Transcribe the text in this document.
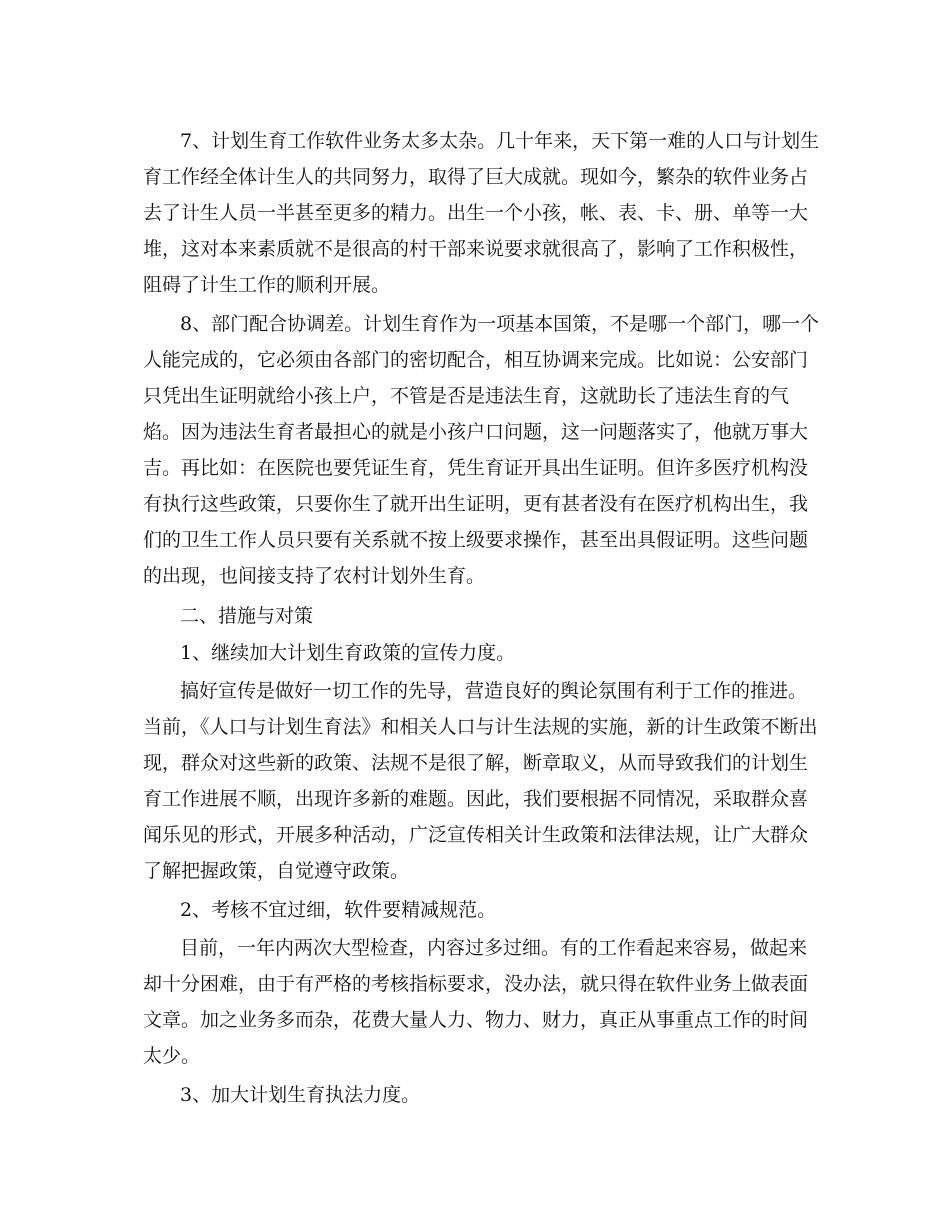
7、计划生育工作软件业务太多太杂。几十年来，天下第一难的人口与计划生
育工作经全体计生人的共同努力，取得了巨大成就。现如今，繁杂的软件业务占
去了计生人员一半甚至更多的精力。出生一个小孩，帐、表、卡、册、单等一大
堆，这对本来素质就不是很高的村干部来说要求就很高了，影响了工作积极性，
阻碍了计生工作的顺利开展。
8、部门配合协调差。计划生育作为一项基本国策，不是哪一个部门，哪一个
人能完成的，它必须由各部门的密切配合，相互协调来完成。比如说：公安部门
只凭出生证明就给小孩上户，不管是否是违法生育，这就助长了违法生育的气
焰。因为违法生育者最担心的就是小孩户口问题，这一问题落实了，他就万事大
吉。再比如：在医院也要凭证生育，凭生育证开具出生证明。但许多医疗机构没
有执行这些政策，只要你生了就开出生证明，更有甚者没有在医疗机构出生，我
们的卫生工作人员只要有关系就不按上级要求操作，甚至出具假证明。这些问题
的出现，也间接支持了农村计划外生育。
二、措施与对策
1、继续加大计划生育政策的宣传力度。
搞好宣传是做好一切工作的先导，营造良好的舆论氛围有利于工作的推进。
当前，《人口与计划生育法》和相关人口与计生法规的实施，新的计生政策不断出
现，群众对这些新的政策、法规不是很了解，断章取义，从而导致我们的计划生
育工作进展不顺，出现许多新的难题。因此，我们要根据不同情况，采取群众喜
闻乐见的形式，开展多种活动，广泛宣传相关计生政策和法律法规，让广大群众
了解把握政策，自觉遵守政策。
2、考核不宜过细，软件要精减规范。
目前，一年内两次大型检查，内容过多过细。有的工作看起来容易，做起来
却十分困难，由于有严格的考核指标要求，没办法，就只得在软件业务上做表面
文章。加之业务多而杂，花费大量人力、物力、财力，真正从事重点工作的时间
太少。
3、加大计划生育执法力度。
